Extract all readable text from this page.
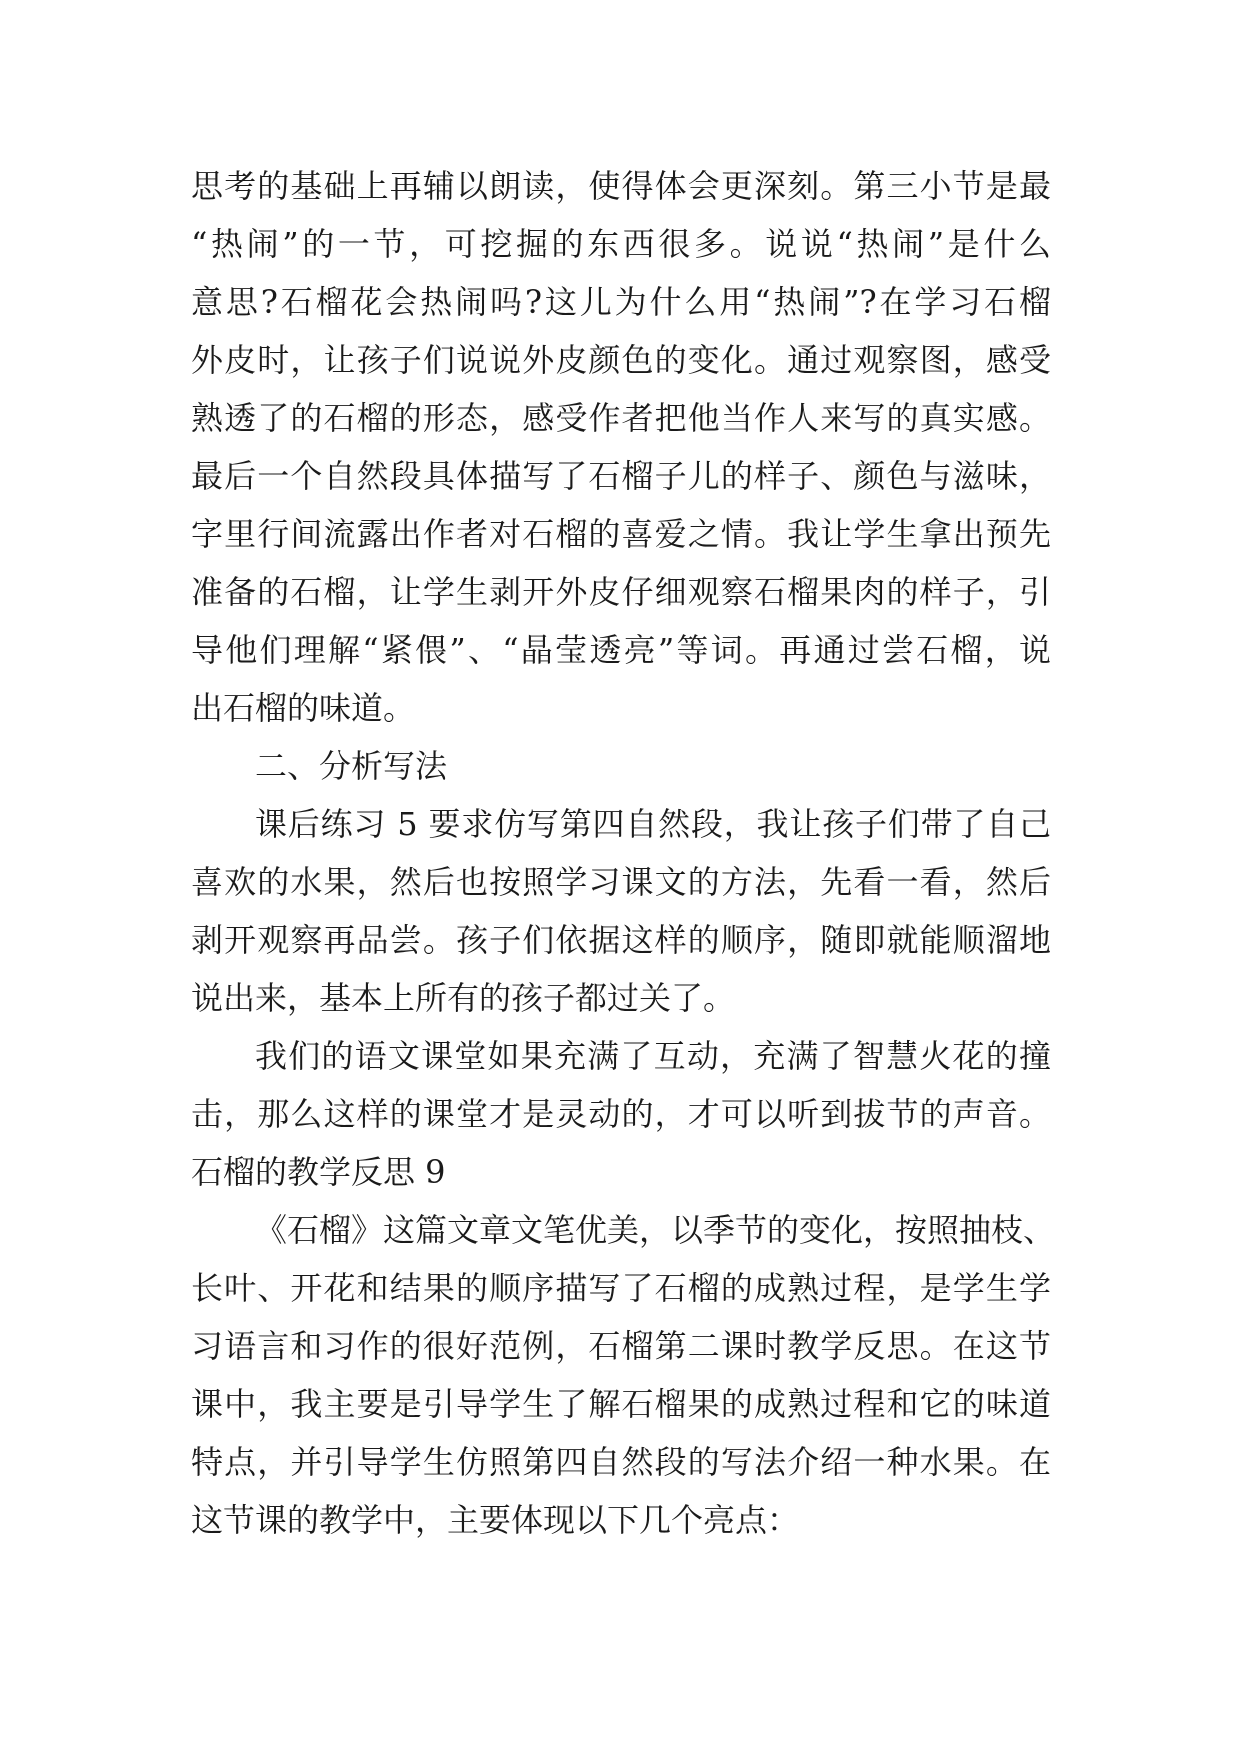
思考的基础上再辅以朗读，使得体会更深刻。第三小节是最
“热闹”的一节，可挖掘的东西很多。说说“热闹”是什么
意思?石榴花会热闹吗?这儿为什么用“热闹”?在学习石榴
外皮时，让孩子们说说外皮颜色的变化。通过观察图，感受
熟透了的石榴的形态，感受作者把他当作人来写的真实感。
最后一个自然段具体描写了石榴子儿的样子、颜色与滋味，
字里行间流露出作者对石榴的喜爱之情。我让学生拿出预先
准备的石榴，让学生剥开外皮仔细观察石榴果肉的样子，引
导他们理解“紧偎”、“晶莹透亮”等词。再通过尝石榴，说
出石榴的味道。
二、分析写法
课后练习 5 要求仿写第四自然段，我让孩子们带了自己
喜欢的水果，然后也按照学习课文的方法，先看一看，然后
剥开观察再品尝。孩子们依据这样的顺序，随即就能顺溜地
说出来，基本上所有的孩子都过关了。
我们的语文课堂如果充满了互动，充满了智慧火花的撞
击，那么这样的课堂才是灵动的，才可以听到拔节的声音。
石榴的教学反思 9
《石榴》这篇文章文笔优美，以季节的变化，按照抽枝、
长叶、开花和结果的顺序描写了石榴的成熟过程，是学生学
习语言和习作的很好范例，石榴第二课时教学反思。在这节
课中，我主要是引导学生了解石榴果的成熟过程和它的味道
特点，并引导学生仿照第四自然段的写法介绍一种水果。在
这节课的教学中，主要体现以下几个亮点：
